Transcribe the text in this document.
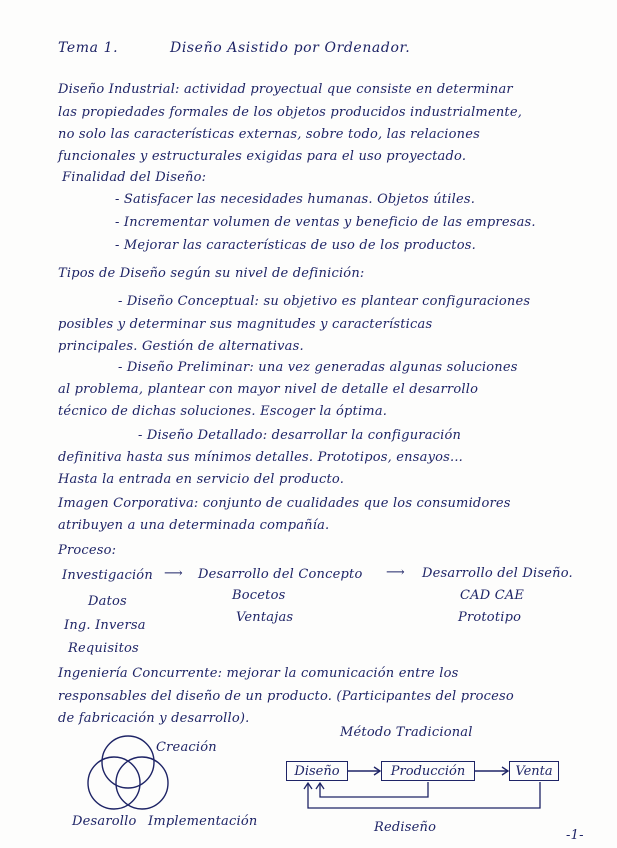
Tema 1.	Diseño Asistido por Ordenador.
Diseño Industrial: actividad proyectual que consiste en determinar
las propiedades formales de los objetos producidos industrialmente,
no solo las características externas, sobre todo, las relaciones
funcionales y estructurales exigidas para el uso proyectado.
Finalidad del Diseño:
- Satisfacer las necesidades humanas. Objetos útiles.
- Incrementar volumen de ventas y beneficio de las empresas.
- Mejorar las características de uso de los productos.
Tipos de Diseño según su nivel de definición:
- Diseño Conceptual: su objetivo es plantear configuraciones
posibles y determinar sus magnitudes y características
principales. Gestión de alternativas.
- Diseño Preliminar: una vez generadas algunas soluciones
al problema, plantear con mayor nivel de detalle el desarrollo
técnico de dichas soluciones. Escoger la óptima.
- Diseño Detallado: desarrollar la configuración
definitiva hasta sus mínimos detalles. Prototipos, ensayos...
Hasta la entrada en servicio del producto.
Imagen Corporativa: conjunto de cualidades que los consumidores
atribuyen a una determinada compañía.
Proceso:
Investigación ⟶ Desarrollo del Concepto ⟶ Desarrollo del Diseño.
Datos	Bocetos	CAD CAE
Ing. Inversa
Ventajas	Prototipo
Requisitos
Ingeniería Concurrente: mejorar la comunicación entre los
responsables del diseño de un producto. (Participantes del proceso
de fabricación y desarrollo).
Creación
Desarollo Implementación
Método Tradicional
Diseño	Producción	Venta
Rediseño
-1-
